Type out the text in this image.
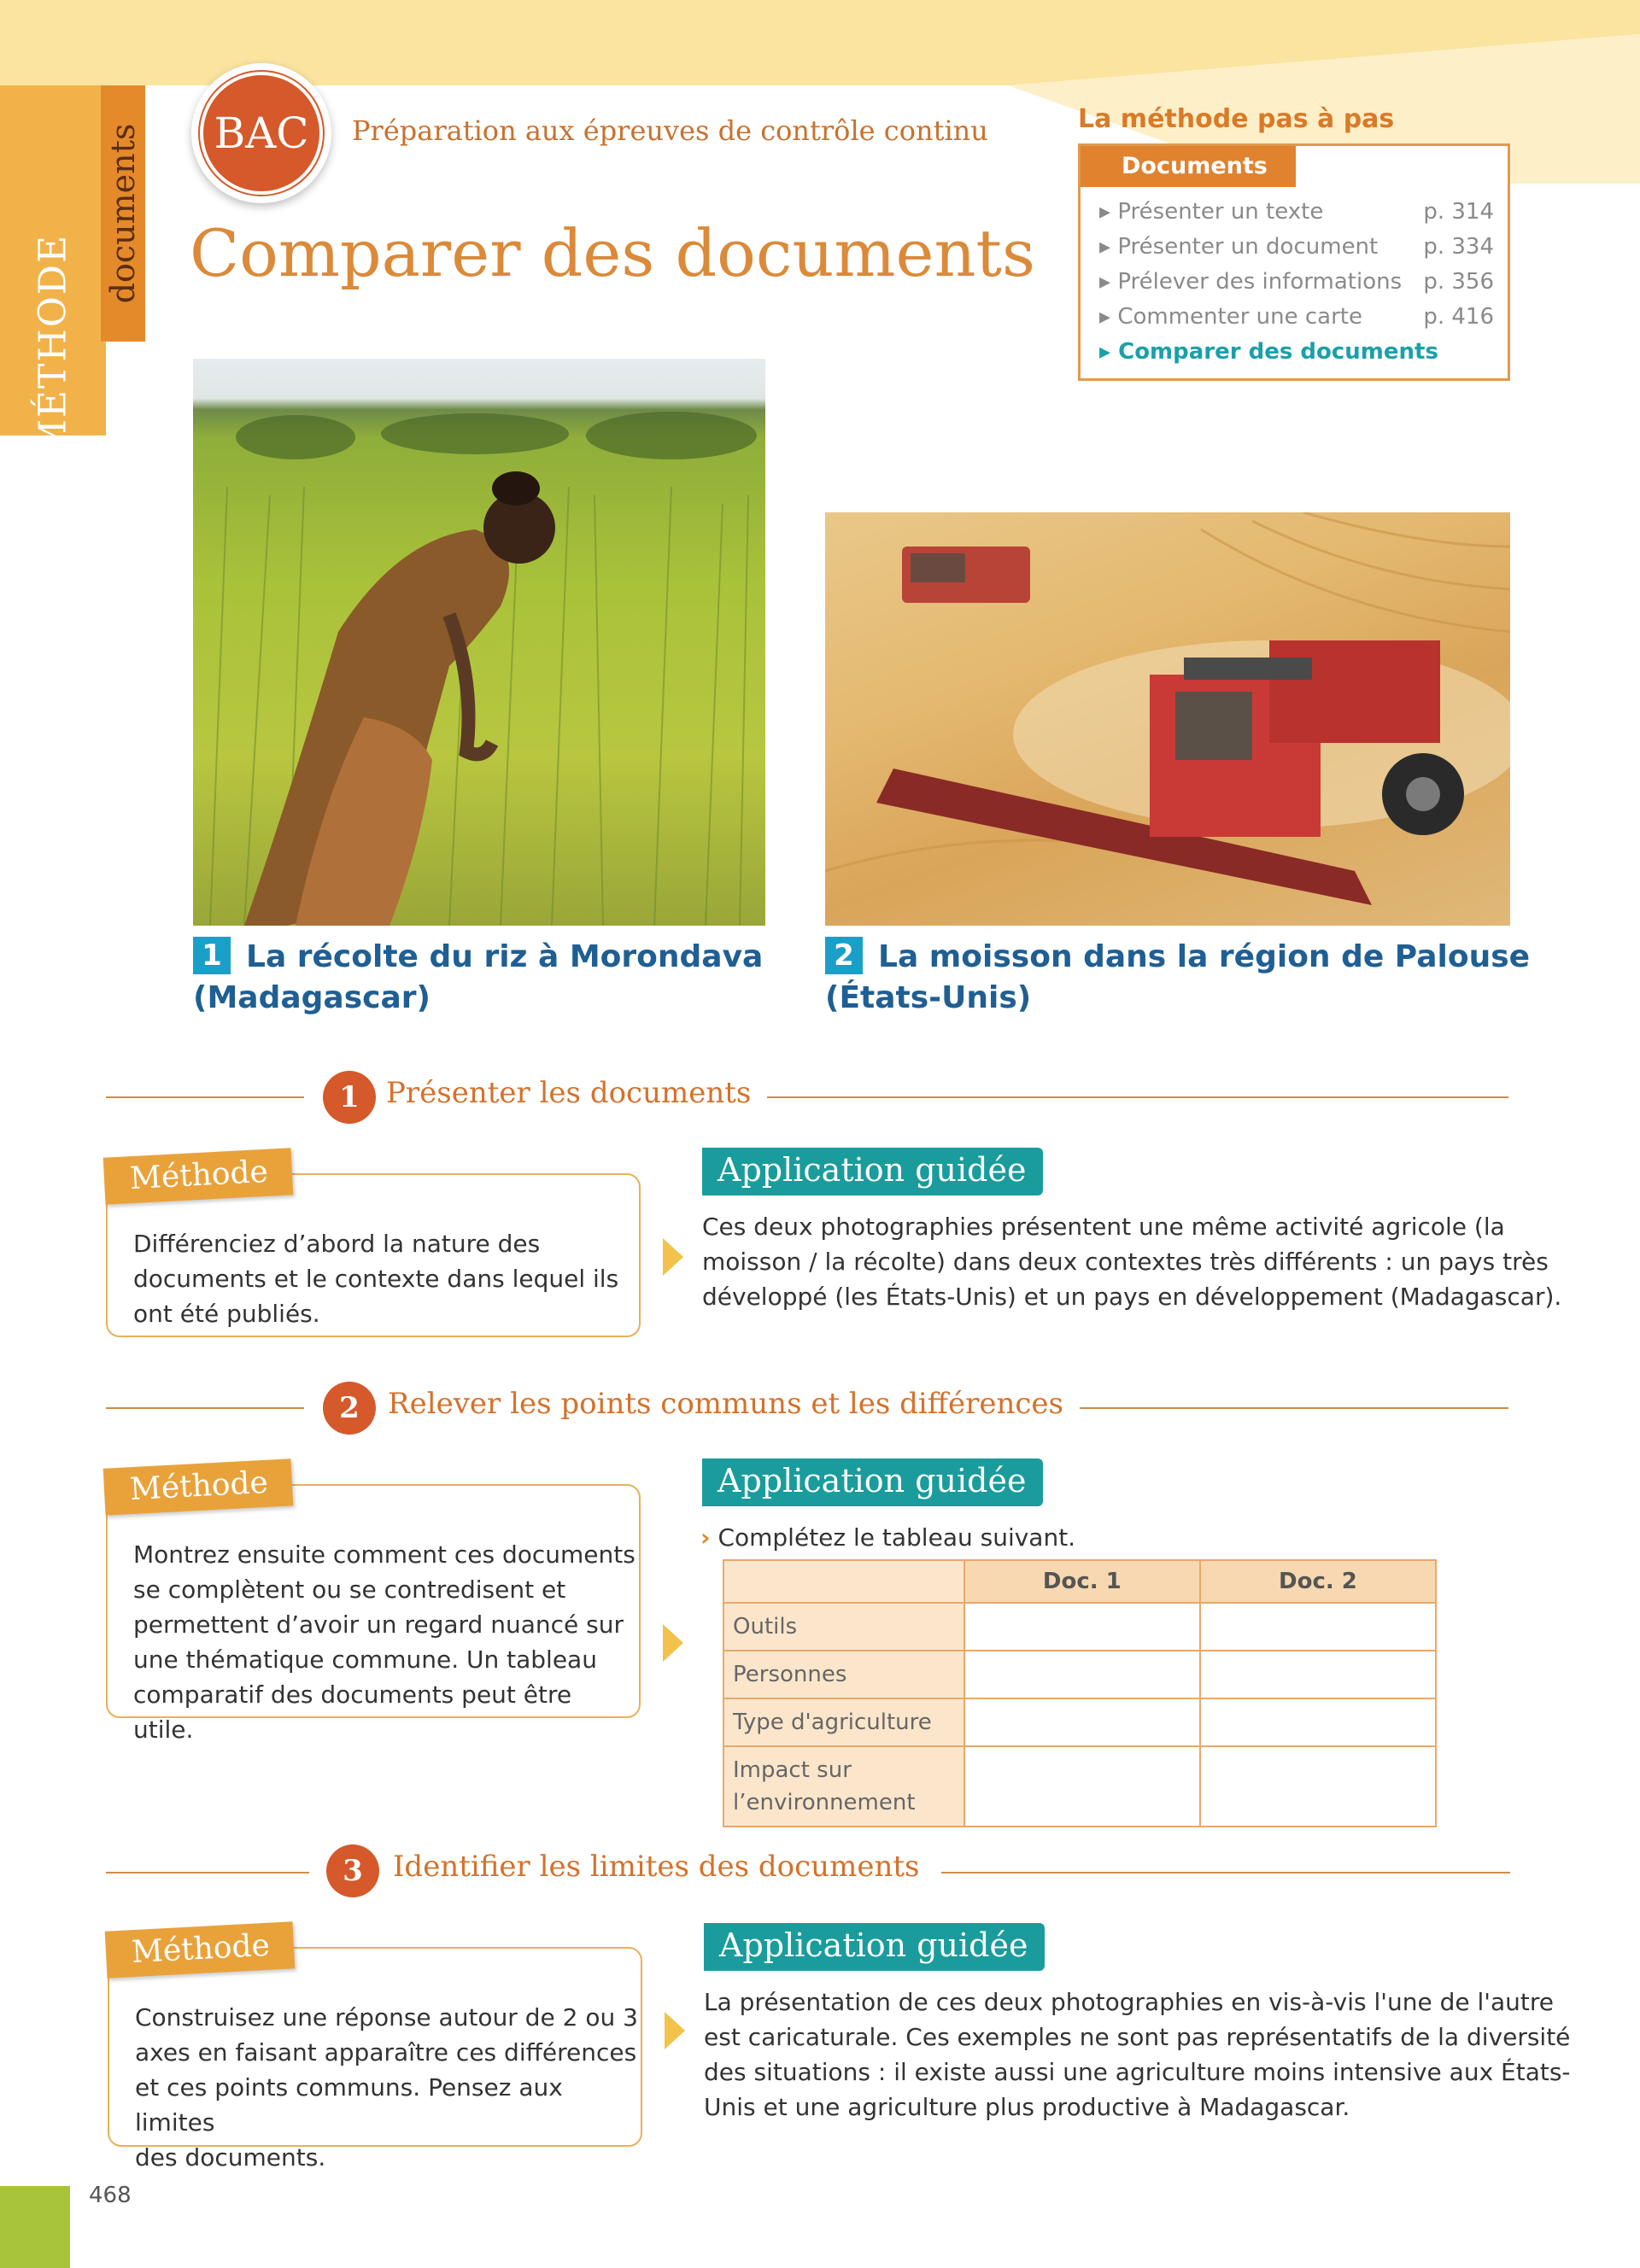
MÉTHODE
documents	BAC	Préparation aux épreuves de contrôle continu
Comparer des documents
La méthode pas à pas
Documents
▸ Présenter un texte	p. 314
▸ Présenter un document p. 334
▸ Prélever des informations p. 356
▸ Commenter une carte	p. 416
▸ Comparer des documents
1 La récolte du riz à Morondava
(Madagascar)
2 La moisson dans la région de Palouse
(États-Unis)
1 Présenter les documents
Différenciez d’abord la nature des
documents et le contexte dans lequel ils
ont été publiés.
Méthode	Application guidée
Ces deux photographies présentent une même activité agricole (la
moisson / la récolte) dans deux contextes très différents : un pays très
développé (les États-Unis) et un pays en développement (Madagascar).
2 Relever les points communs et les différences
Montrez ensuite comment ces documents
se complètent ou se contredisent et
permettent d’avoir un regard nuancé sur
une thématique commune. Un tableau
comparatif des documents peut être utile.
Méthode	Application guidée
› Complétez le tableau suivant.
	Doc. 1	Doc. 2
Outils		
Personnes		
Type d'agriculture		
Impact sur
l’environnement		
3	Identifier les limites des documents
Construisez une réponse autour de 2 ou 3
axes en faisant apparaître ces différences
et ces points communs. Pensez aux limites
des documents.
Méthode	Application guidée
La présentation de ces deux photographies en vis-à-vis l'une de l'autre
est caricaturale. Ces exemples ne sont pas représentatifs de la diversité
des situations : il existe aussi une agriculture moins intensive aux États-
Unis et une agriculture plus productive à Madagascar.
468
